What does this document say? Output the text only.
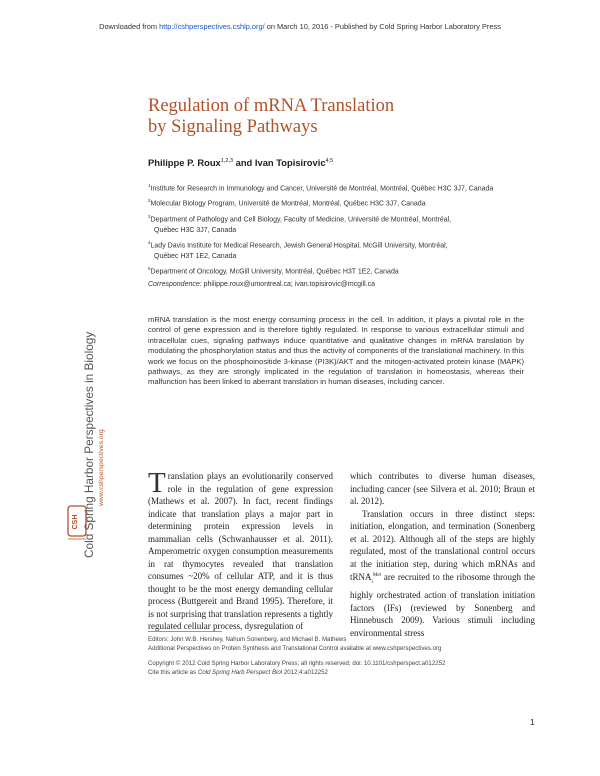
Downloaded from http://cshperspectives.cshlp.org/ on March 10, 2016 - Published by Cold Spring Harbor Laboratory Press
Cold Spring Harbor Perspectives in Biology www.cshperspectives.org
CSH
perspectives
Regulation of mRNA Translation
by Signaling Pathways
Philippe P. Roux$^{1,2,3}$ and Ivan Topisirovic$^{4,5}$
$^1$Institute for Research in Immunology and Cancer, Université de Montréal, Montréal, Québec H3C 3J7, Canada
$^2$Molecular Biology Program, Université de Montréal, Montréal, Québec H3C 3J7, Canada
$^3$Department of Pathology and Cell Biology, Faculty of Medicine, Université de Montréal, Montréal,
Québec H3C 3J7, Canada
$^4$Lady Davis Institute for Medical Research, Jewish General Hospital, McGill University, Montréal,
Québec H3T 1E2, Canada
$^5$Department of Oncology, McGill University, Montréal, Québec H3T 1E2, Canada
Correspondence: philippe.roux@umontreal.ca; ivan.topisirovic@mcgill.ca
mRNA translation is the most energy consuming process in the cell. In addition, it plays a pivotal role in the control of gene expression and is therefore tightly regulated. In response to various extracellular stimuli and intracellular cues, signaling pathways induce quantitative and qualitative changes in mRNA translation by modulating the phosphorylation status and thus the activity of components of the translational machinery. In this work we focus on the phosphoinositide 3-kinase (PI3K)/AKT and the mitogen-activated protein kinase (MAPK) pathways, as they are strongly implicated in the regulation of translation in homeostasis, whereas their malfunction has been linked to aberrant translation in human diseases, including cancer.
Translation plays an evolutionarily conserved role in the regulation of gene expression (Mathews et al. 2007). In fact, recent findings indicate that translation plays a major part in determining protein expression levels in mammalian cells (Schwanhausser et al. 2011). Amperometric oxygen consumption measurements in rat thymocytes revealed that translation consumes ~20% of cellular ATP, and it is thus thought to be the most energy demanding cellular process (Buttgereit and Brand 1995). Therefore, it is not surprising that translation represents a tightly regulated cellular process, dysregulation of
which contributes to diverse human diseases, including cancer (see Silvera et al. 2010; Braun et al. 2012).
Translation occurs in three distinct steps: initiation, elongation, and termination (Sonenberg et al. 2012). Although all of the steps are highly regulated, most of the translational control occurs at the initiation step, during which mRNAs and tRNA$_i^{Met}$ are recruited to the ribosome through the highly orchestrated action of translation initiation factors (IFs) (reviewed by Sonenberg and Hinnebusch 2009). Various stimuli including environmental stress
Editors: John W.B. Hershey, Nahum Sonenberg, and Michael B. Mathews
Additional Perspectives on Protein Synthesis and Translational Control available at www.cshperspectives.org
Copyright © 2012 Cold Spring Harbor Laboratory Press; all rights reserved; doi: 10.1101/cshperspect.a012252
Cite this article as Cold Spring Harb Perspect Biol 2012;4:a012252
1
